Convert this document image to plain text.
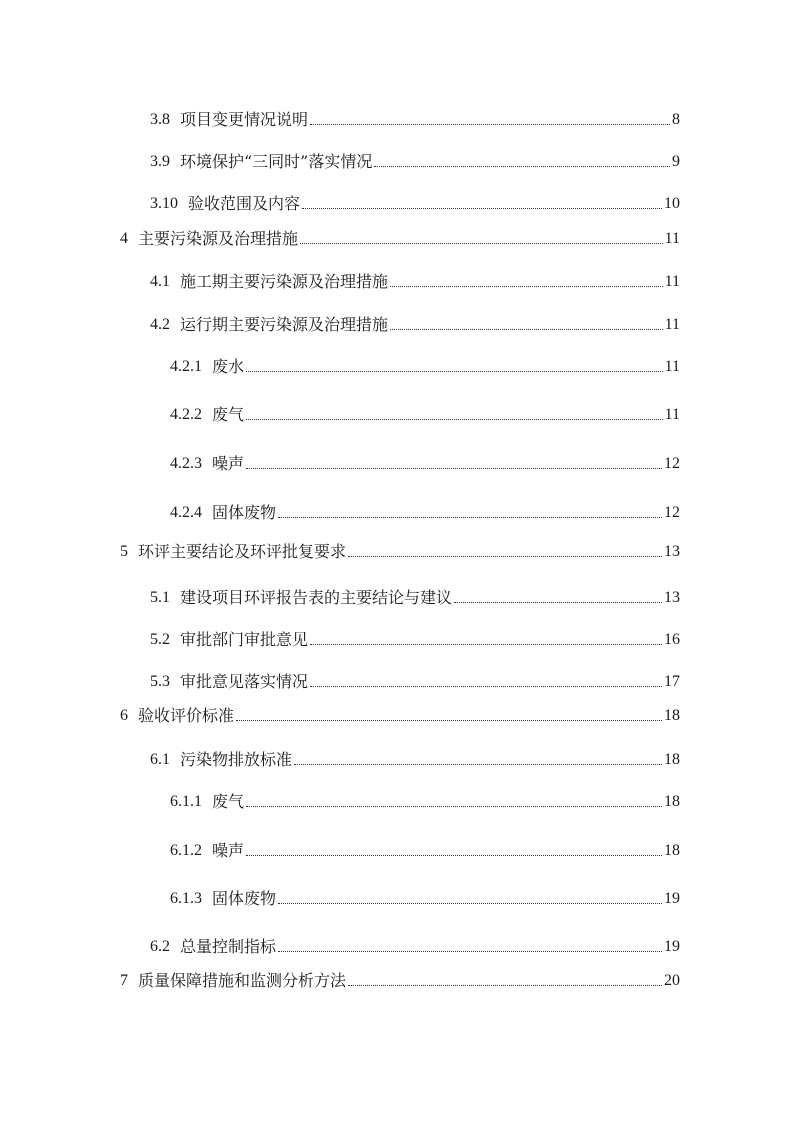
3.8 项目变更情况说明	8
3.9 环境保护“三同时”落实情况	9
3.10 验收范围及内容	10
4 主要污染源及治理措施	11
4.1 施工期主要污染源及治理措施	11
4.2 运行期主要污染源及治理措施	11
4.2.1 废水	11
4.2.2 废气	11
4.2.3 噪声	12
4.2.4 固体废物	12
5 环评主要结论及环评批复要求	13
5.1 建设项目环评报告表的主要结论与建议	13
5.2 审批部门审批意见	16
5.3 审批意见落实情况	17
6 验收评价标准	18
6.1 污染物排放标准	18
6.1.1 废气	18
6.1.2 噪声	18
6.1.3 固体废物	19
6.2 总量控制指标	19
7 质量保障措施和监测分析方法	20
